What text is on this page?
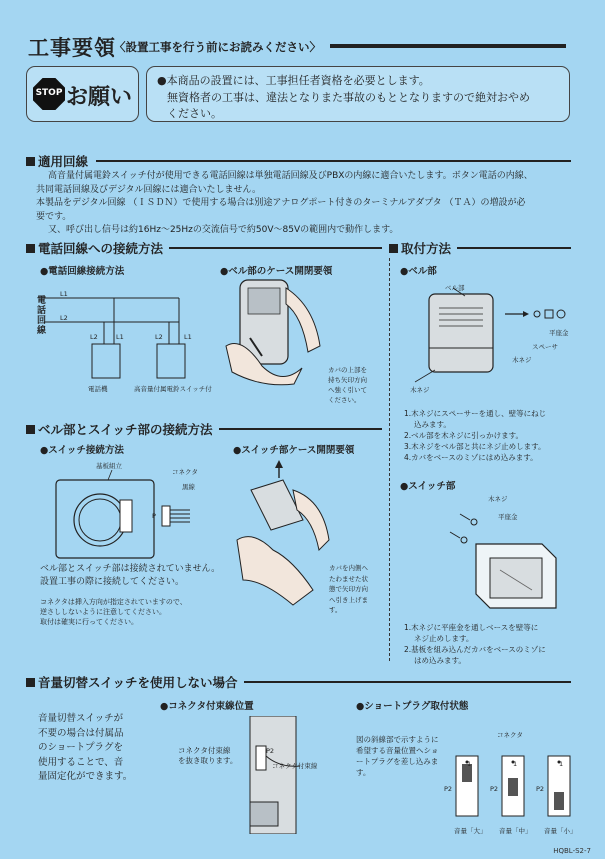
工事要領
〈設置工事を行う前にお読みください〉
STOP お願い
●本商品の設置には、工事担任者資格を必要とします。
無資格者の工事は、違法となりまた事故のもととなりますので絶対おやめ
ください。
適用回線
高音量付属電鈴スイッチ付が使用できる電話回線は単独電話回線及びPBXの内線に適合いたします。ボタン電話の内線、
共同電話回線及びデジタル回線には適合いたしません。
本製品をデジタル回線 （ＩＳＤＮ）で使用する場合は別途アナログポート付きのターミナルアダプタ （ＴＡ）の増設が必
要です。
又、呼び出し信号は約16Hz～25Hzの交流信号で約50V～85Vの範囲内で動作します。
電話回線への接続方法	取付方法
●電話回線接続方法
電話回線
L1
L2
L2	L1	L2	L1
電話機	高音量付属電鈴スイッチ付
●ベル部のケース開閉要領
カバの上部を
持ち矢印方向
へ強く引いて
ください。
●ベル部
ベル部
平座金
スペーサ
木ネジ
木ネジ
1.木ネジにスペーサーを通し、壁等にねじ
込みます。
2.ベル部を木ネジに引っかけます。
3.木ネジをベル部と共にネジ止めします。
4.カバをベースのミゾにはめ込みます。
ベル部とスイッチ部の接続方法
●スイッチ接続方法
基板組立
コネクタ
黒線
P
ベル部とスイッチ部は接続されていません。
設置工事の際に接続してください。
コネクタは挿入方向が指定されていますので、
逆さししないように注意してください。
取付は確実に行ってください。
●スイッチ部ケース開閉要領
カバを内側へ
たわませた状
態で矢印方向
へ引き上げま
す。
●スイッチ部
木ネジ
平座金
1.木ネジに平座金を通しベースを壁等に
ネジ止めします。
2.基板を組み込んだカバをベースのミゾに
はめ込みます。
音量切替スイッチを使用しない場合
音量切替スイッチが
不要の場合は付属品
のショートプラグを
使用することで、音
量固定化ができます。
●コネクタ付束線位置
コネクタ付束線
を抜き取ります。
P2
コネクタ付束線
●ショートプラグ取付状態
図の斜線部で示すように
希望する音量位置へショ
ートプラグを差し込みま
す。
コネクタ
1	1	1
P2	P2	P2
音量「大」 音量「中」 音量「小」
HQBL-S2-7
